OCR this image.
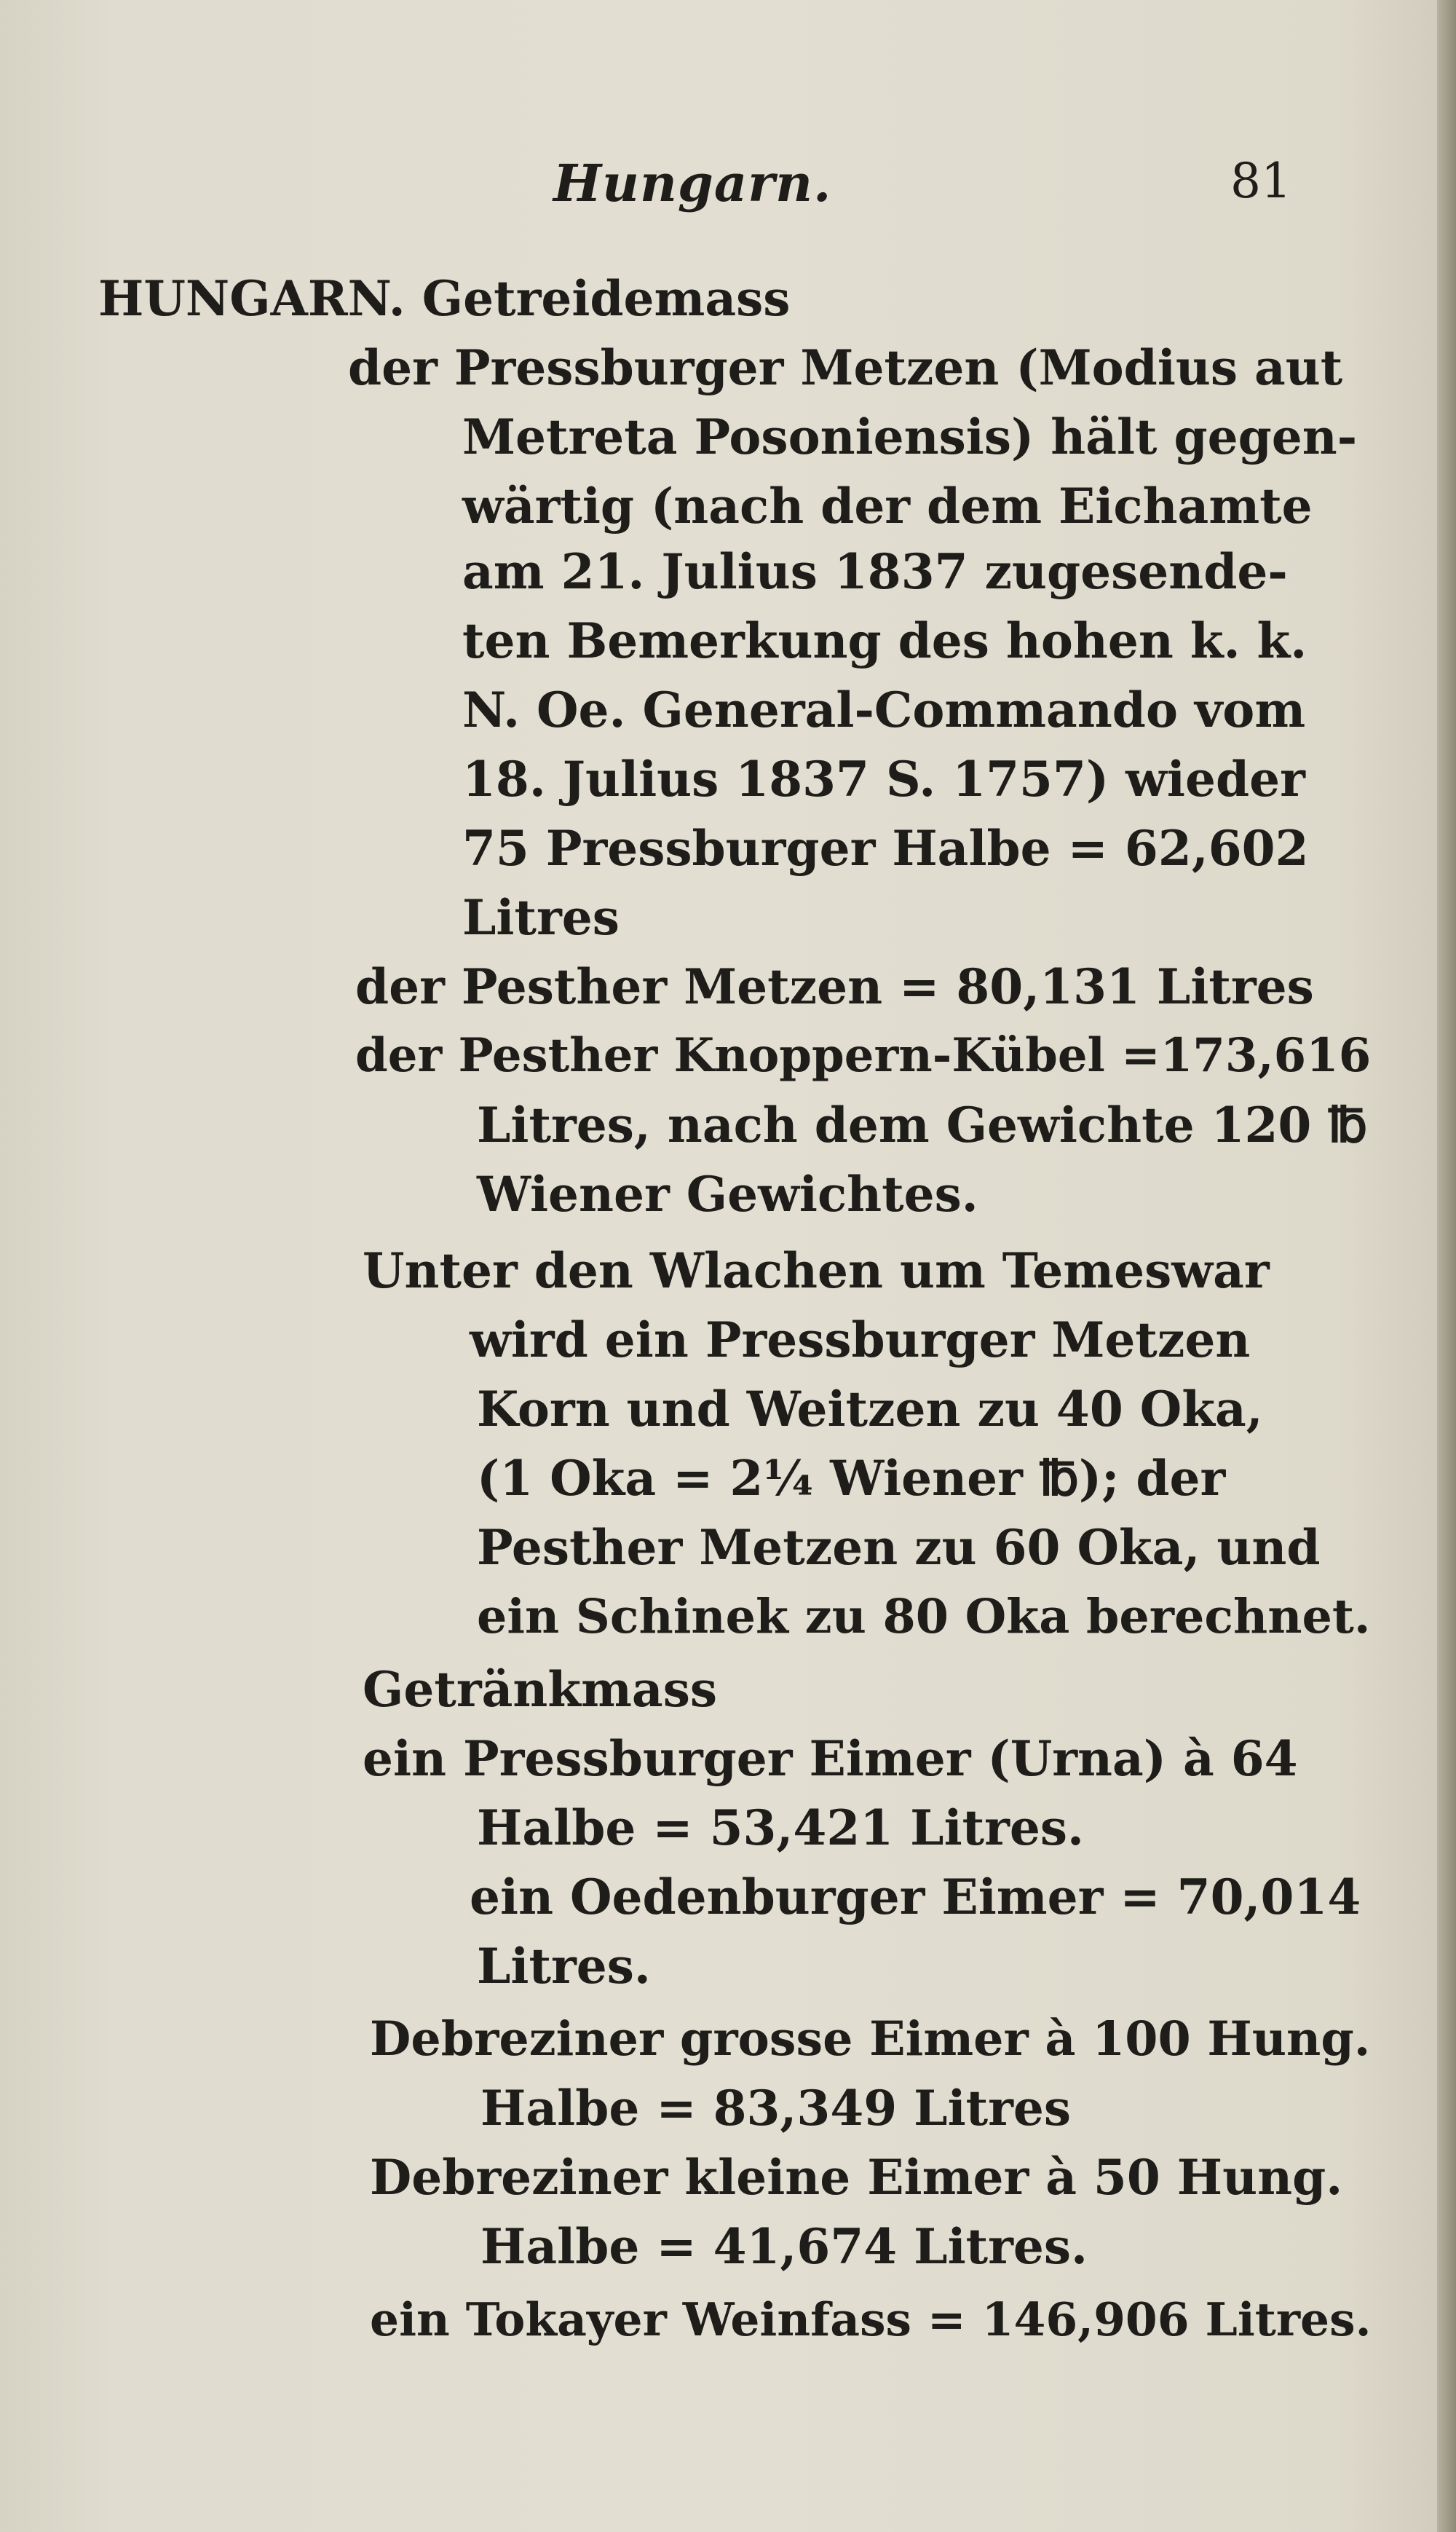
Hungarn.	81
HUNGARN. Getreidemass
der Pressburger Metzen (Modius aut
Metreta Posoniensis) hält gegen-
wärtig (nach der dem Eichamte
am 21. Julius 1837 zugesende-
ten Bemerkung des hohen k. k.
N. Oe. General-Commando vom
18. Julius 1837 S. 1757) wieder
75 Pressburger Halbe = 62,602
Litres
der Pesther Metzen = 80,131 Litres
der Pesther Knoppern-Kübel =173,616
Litres, nach dem Gewichte 120 ℔
Wiener Gewichtes.
Unter den Wlachen um Temeswar
wird ein Pressburger Metzen
Korn und Weitzen zu 40 Oka,
(1 Oka = 2¼ Wiener ℔); der
Pesther Metzen zu 60 Oka, und
ein Schinek zu 80 Oka berechnet.
Getränkmass
ein Pressburger Eimer (Urna) à 64
Halbe = 53,421 Litres.
ein Oedenburger Eimer = 70,014
Litres.
Debreziner grosse Eimer à 100 Hung.
Halbe = 83,349 Litres
Debreziner kleine Eimer à 50 Hung.
Halbe = 41,674 Litres.
ein Tokayer Weinfass = 146,906 Litres.
